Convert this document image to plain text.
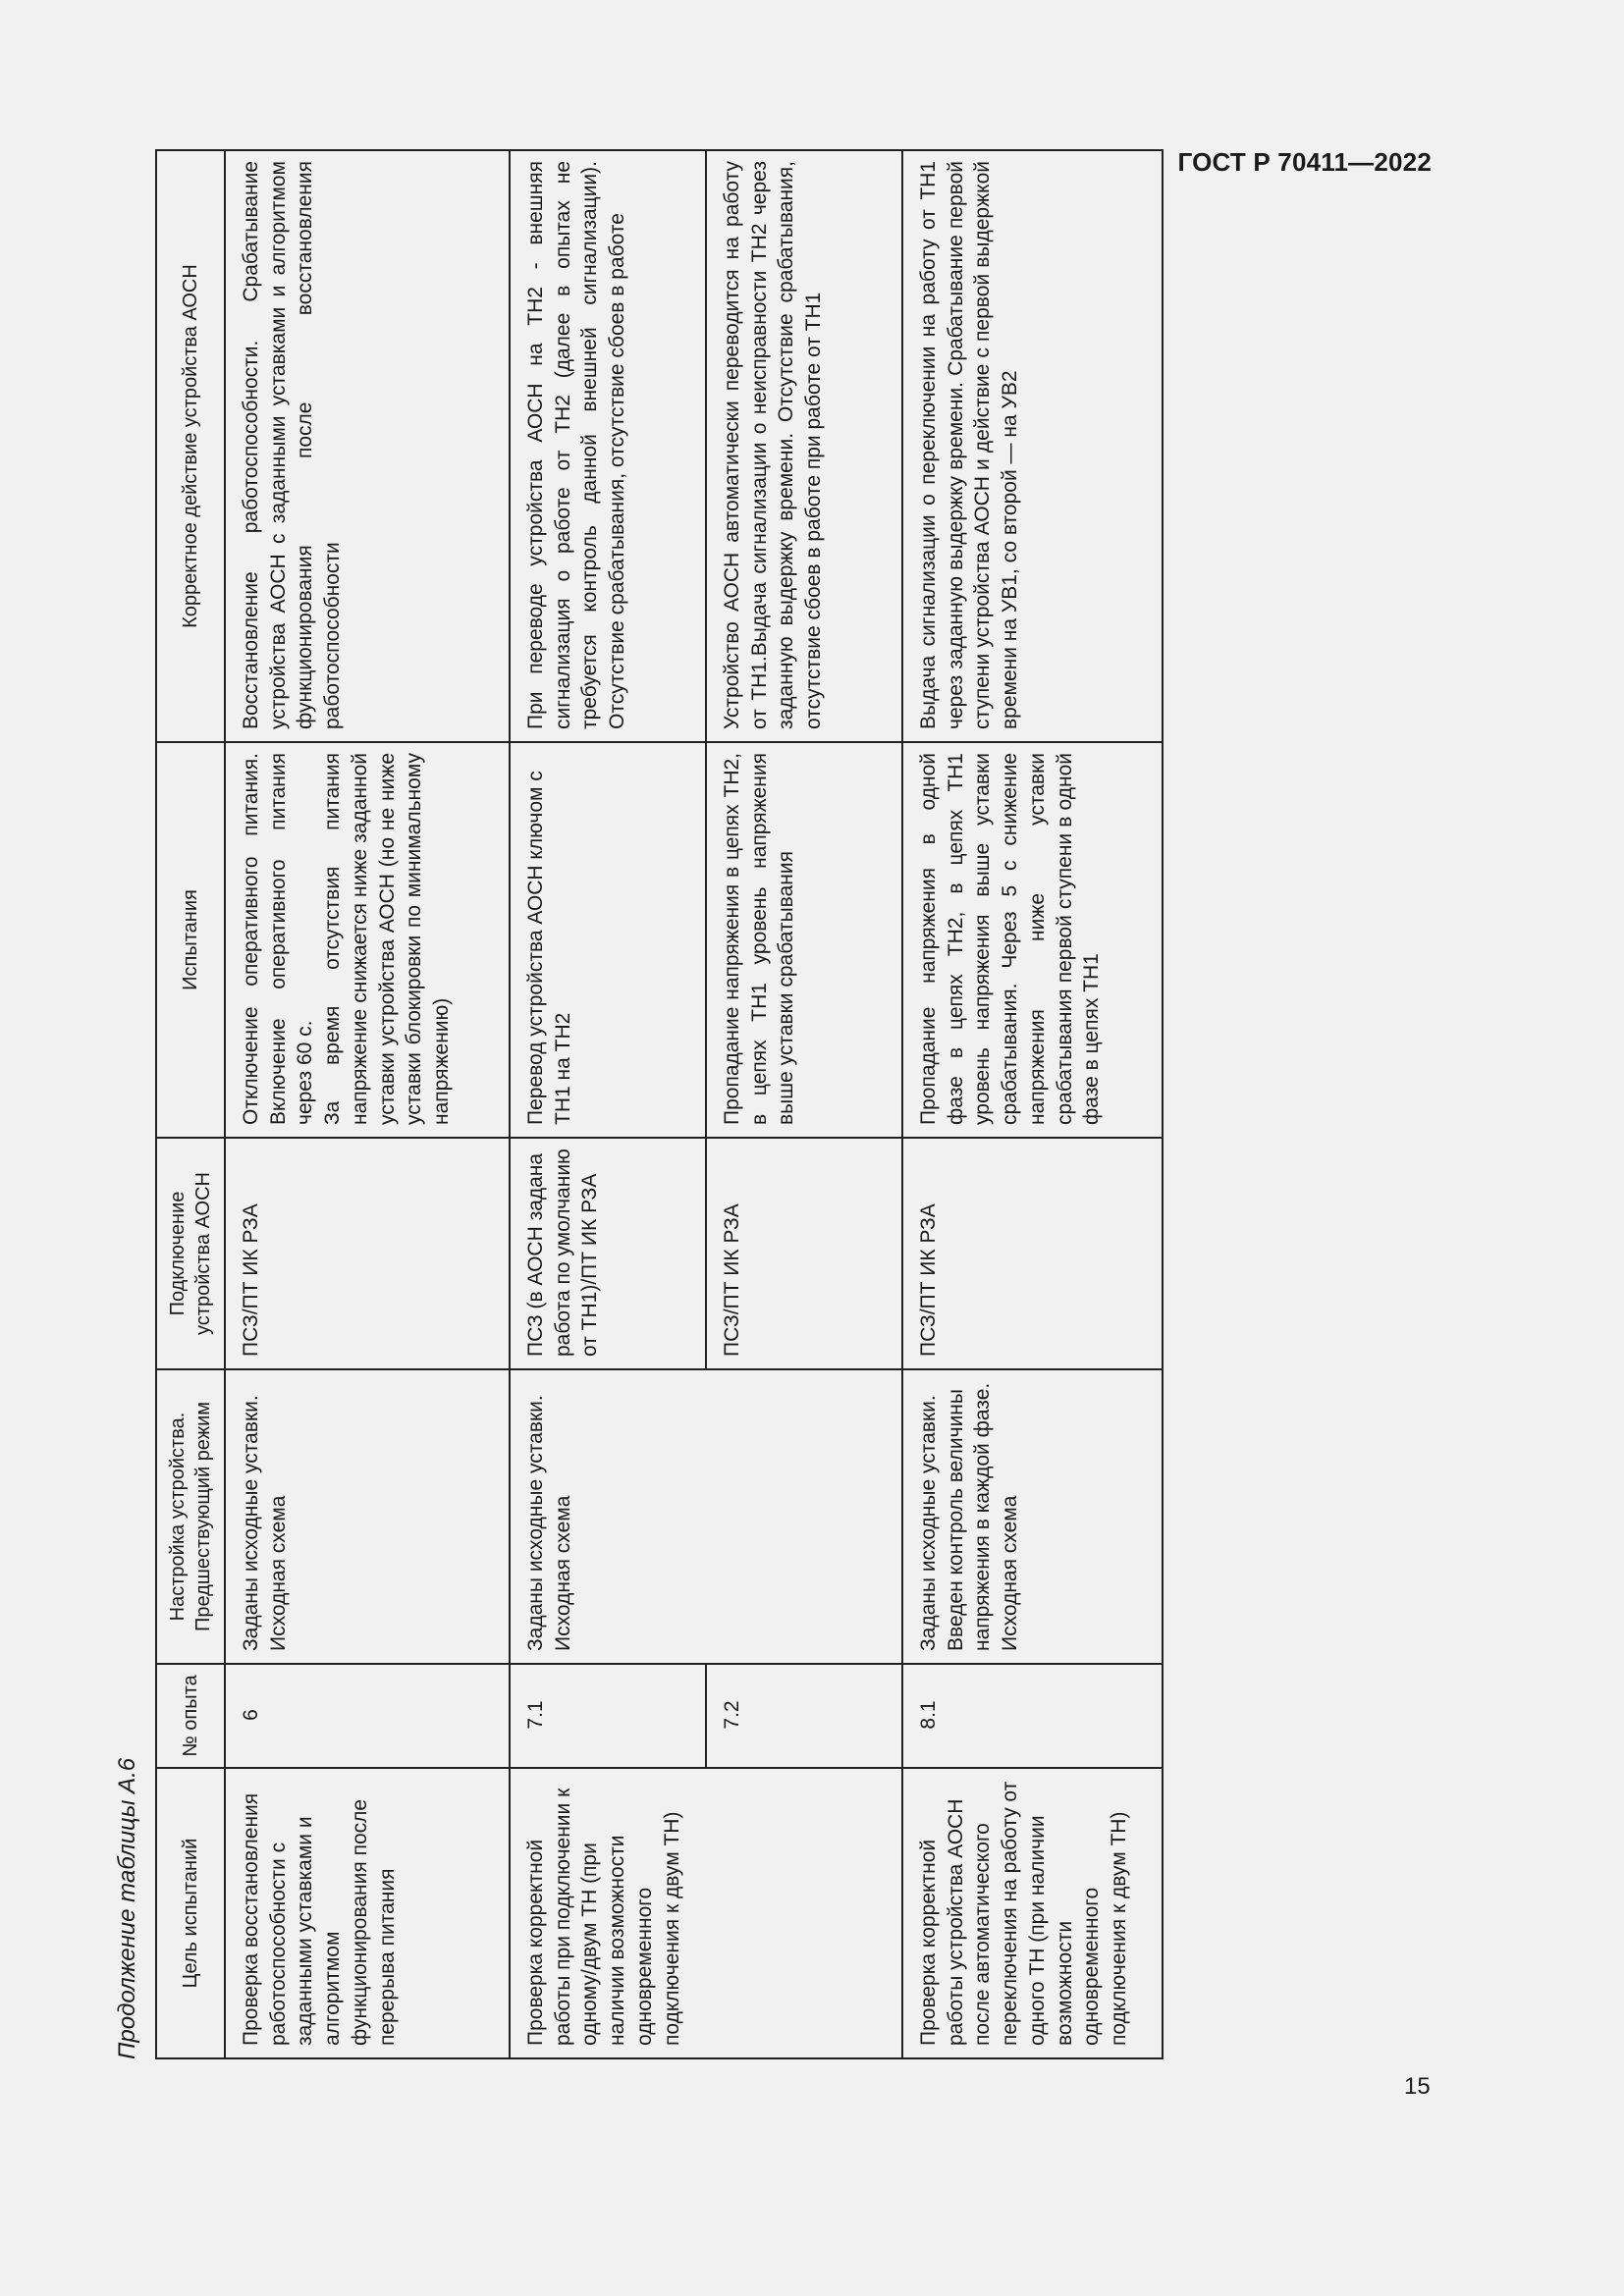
ГОСТ Р 70411—2022
Продолжение таблицы А.6	Цель испытаний	№ опыта	Настройка устройства. Предшествующий режим	Подключение устройства АОСН	Испытания	Корректное действие устройства АОСН
Проверка восстановления работоспособности с заданными уставками и алгоритмом функционирования после перерыва питания	6	Заданы исходные уставки. Исходная схема	ПСЗ/ПТ ИК РЗА	Отключение оперативного питания. Включение оперативного питания через 60 с. За время отсутствия питания напряжение снижается ниже заданной уставки устройства АОСН (но не ниже уставки блокировки по минимальному напряжению)	Восстановление работоспособности. Срабатывание устройства АОСН с заданными уставками и алгоритмом функционирования после восстановления работоспособности
Проверка корректной работы при подключении к одному/двум ТН (при наличии возможности одновременного подключения к двум ТН)	7.1	Заданы исходные уставки. Исходная схема	ПСЗ (в АОСН задана работа по умолчанию от ТН1)/ПТ ИК РЗА	Перевод устройства АОСН ключом с ТН1 на ТН2	При переводе устройства АОСН на ТН2 - внешняя сигнализация о работе от ТН2 (далее в опытах не требуется контроль данной внешней сигнализации). Отсутствие срабатывания, отсутствие сбоев в работе
	7.2		ПСЗ/ПТ ИК РЗА	Пропадание напряжения в цепях ТН2, в цепях ТН1 уровень напряжения выше уставки срабатывания	Устройство АОСН автоматически переводится на работу от ТН1.Выдача сигнализации о неисправности ТН2 через заданную выдержку времени. Отсутствие срабатывания, отсутствие сбоев в работе при работе от ТН1
Проверка корректной работы устройства АОСН после автоматического переключения на работу от одного ТН (при наличии возможности одновременного подключения к двум ТН)	8.1	Заданы исходные уставки. Введен контроль величины напряжения в каждой фазе. Исходная схема	ПСЗ/ПТ ИК РЗА	Пропадание напряжения в одной фазе в цепях ТН2, в цепях ТН1 уровень напряжения выше уставки срабатывания. Через 5 с снижение напряжения ниже уставки срабатывания первой ступени в одной фазе в цепях ТН1	Выдача сигнализации о переключении на работу от ТН1 через заданную выдержку времени. Срабатывание первой ступени устройства АОСН и действие с первой выдержкой времени на УВ1, со второй — на УВ2
15
